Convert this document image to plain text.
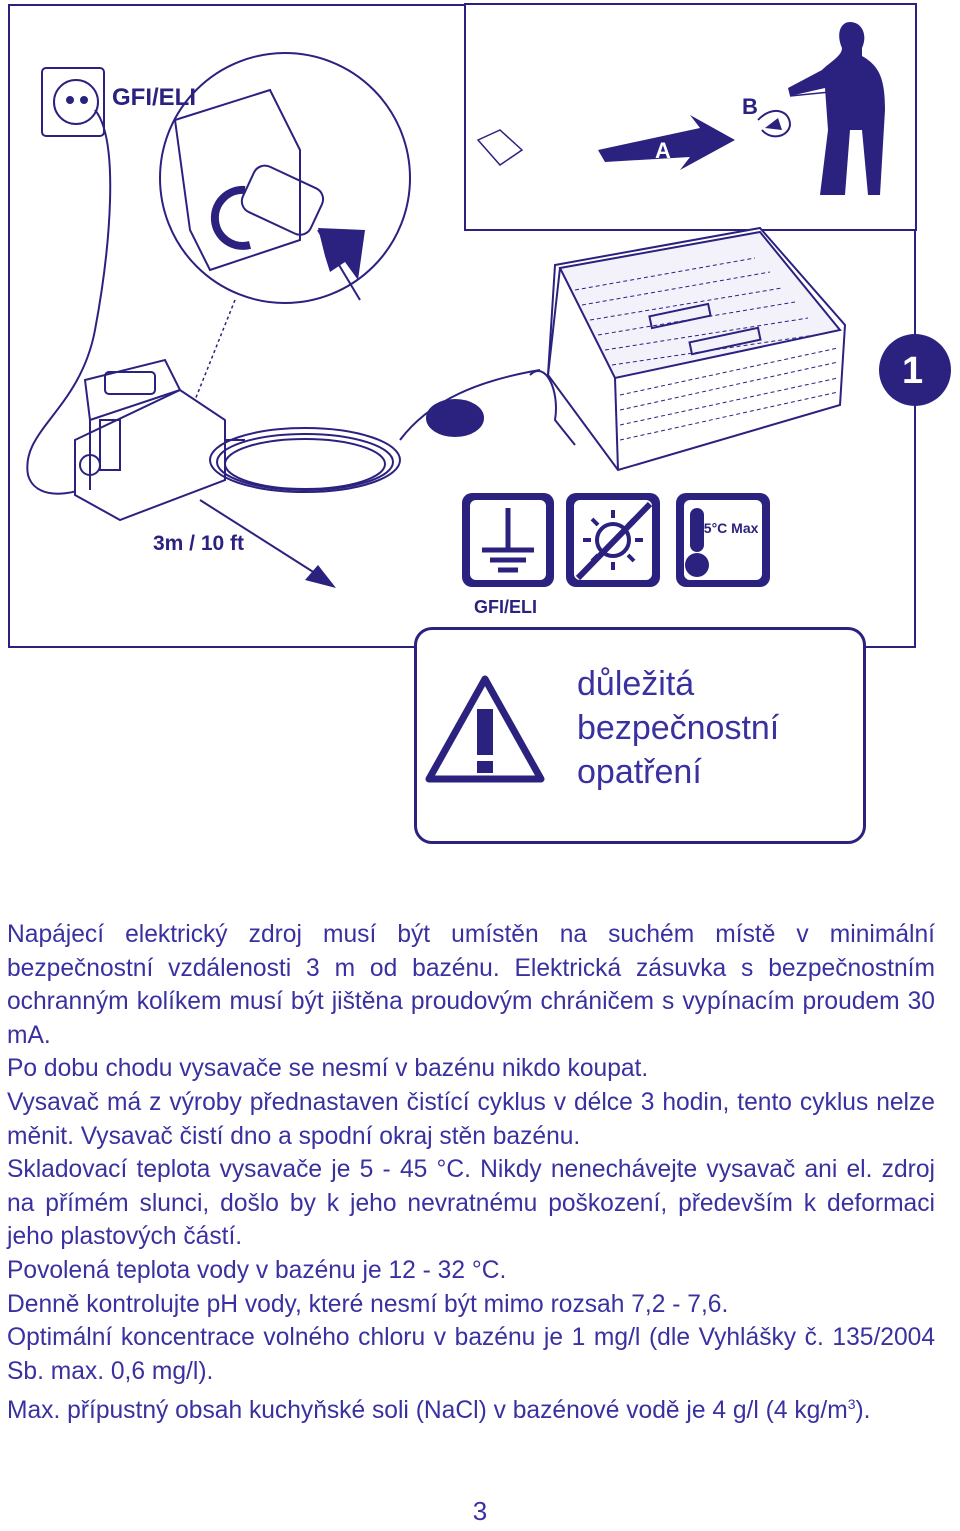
GFI/ELI
3m / 10 ft
A
B
1
GFI/ELI
45°C Max
důležitá
bezpečnostní
opatření

Napájecí elektrický zdroj musí být umístěn na suchém místě v minimální bezpečnostní vzdálenosti 3 m od bazénu. Elektrická zásuvka s bezpečnostním ochranným kolíkem musí být jištěna proudovým chráničem s vypínacím proudem 30 mA.

Po dobu chodu vysavače se nesmí v bazénu nikdo koupat.

Vysavač má z výroby přednastaven čistící cyklus v délce 3 hodin, tento cyklus nelze měnit. Vysavač čistí dno a spodní okraj stěn bazénu.

Skladovací teplota vysavače je 5 - 45 °C. Nikdy nenechávejte vysavač ani el. zdroj na přímém slunci, došlo by k jeho nevratnému poškození, především k deformaci jeho plastových částí.

Povolená teplota vody v bazénu je 12 - 32 °C.

Denně kontrolujte pH vody, které nesmí být mimo rozsah 7,2 - 7,6.

Optimální koncentrace volného chloru v bazénu je 1 mg/l (dle Vyhlášky č. 135/2004 Sb. max. 0,6 mg/l).

Max. přípustný obsah kuchyňské soli (NaCl) v bazénové vodě je 4 g/l (4 $kg/m^3$).

3
